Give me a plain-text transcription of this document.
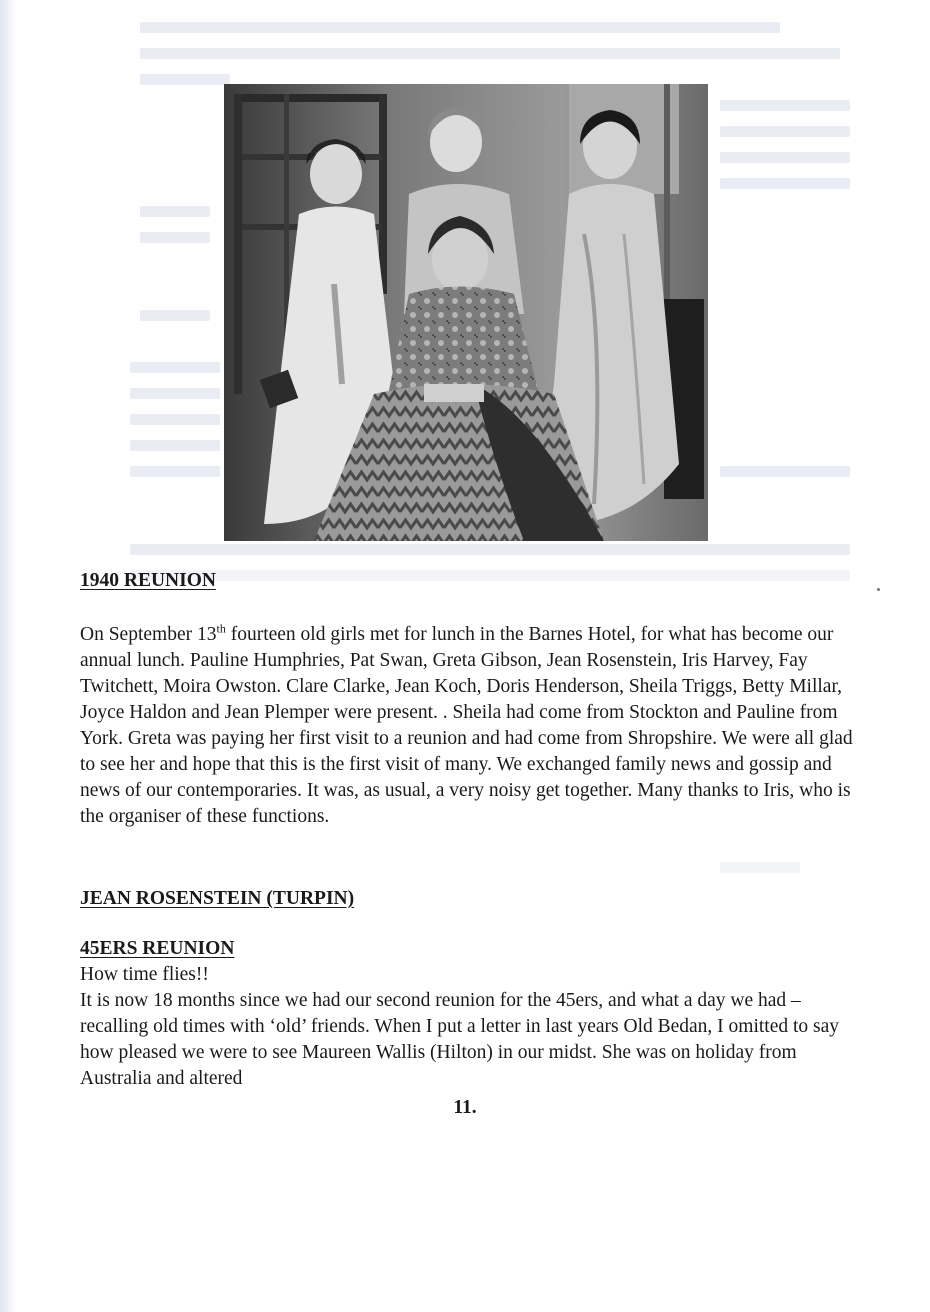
1940 REUNION

On September 13th fourteen old girls met for lunch in the Barnes Hotel, for what has become our annual lunch. Pauline Humphries, Pat Swan, Greta Gibson, Jean Rosenstein, Iris Harvey, Fay Twitchett, Moira Owston. Clare Clarke, Jean Koch, Doris Henderson, Sheila Triggs, Betty Millar, Joyce Haldon and Jean Plemper were present. . Sheila had come from Stockton and Pauline from York. Greta was paying her first visit to a reunion and had come from Shropshire. We were all glad to see her and hope that this is the first visit of many. We exchanged family news and gossip and news of our contemporaries. It was, as usual, a very noisy get together. Many thanks to Iris, who is the organiser of these functions.

JEAN ROSENSTEIN (TURPIN)
45ERS REUNION

How time flies!!

It is now 18 months since we had our second reunion for the 45ers, and what a day we had – recalling old times with ‘old’ friends. When I put a letter in last years Old Bedan, I omitted to say how pleased we were to see Maureen Wallis (Hilton) in our midst. She was on holiday from Australia and altered

11.
